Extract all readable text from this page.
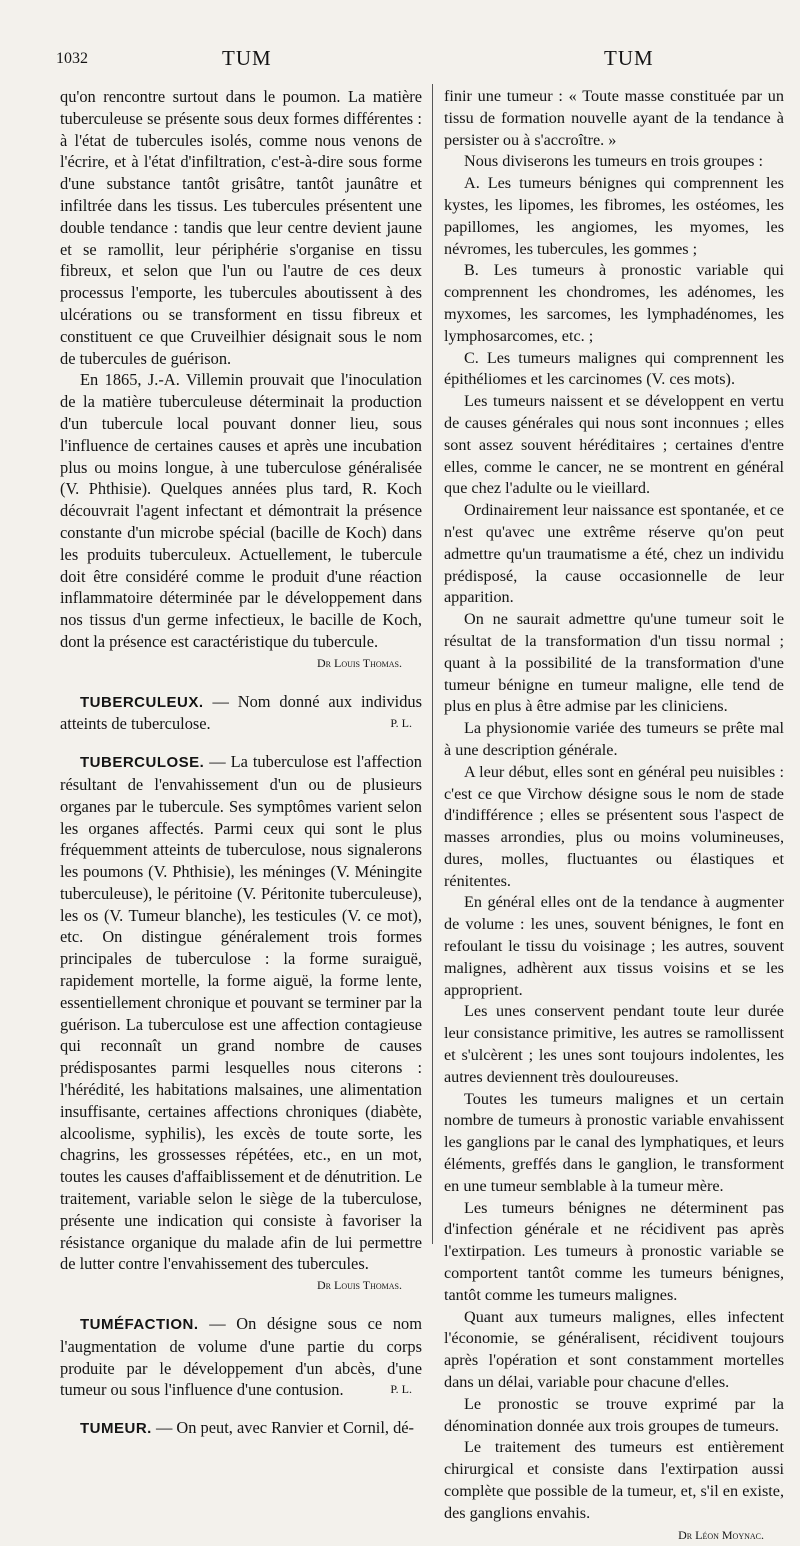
1032	TUM	TUM

qu'on rencontre surtout dans le poumon. La matière tuberculeuse se présente sous deux formes différentes : à l'état de tubercules isolés, comme nous venons de l'écrire, et à l'état d'infiltration, c'est-à-dire sous forme d'une substance tantôt grisâtre, tantôt jaunâtre et infiltrée dans les tissus. Les tubercules présentent une double tendance : tandis que leur centre devient jaune et se ramollit, leur périphérie s'organise en tissu fibreux, et selon que l'un ou l'autre de ces deux processus l'emporte, les tubercules aboutissent à des ulcérations ou se transforment en tissu fibreux et constituent ce que Cruveilhier désignait sous le nom de tubercules de guérison.

En 1865, J.-A. Villemin prouvait que l'inoculation de la matière tuberculeuse déterminait la production d'un tubercule local pouvant donner lieu, sous l'influence de certaines causes et après une incubation plus ou moins longue, à une tuberculose généralisée (V. Phthisie). Quelques années plus tard, R. Koch découvrait l'agent infectant et démontrait la présence constante d'un microbe spécial (bacille de Koch) dans les produits tuberculeux. Actuellement, le tubercule doit être considéré comme le produit d'une réaction inflammatoire déterminée par le développement dans nos tissus d'un germe infectieux, le bacille de Koch, dont la présence est caractéristique du tubercule.

Dr Louis Thomas.

TUBERCULEUX. — Nom donné aux individus atteints de tuberculose.	P. L.

TUBERCULOSE. — La tuberculose est l'affection résultant de l'envahissement d'un ou de plusieurs organes par le tubercule. Ses symptômes varient selon les organes affectés. Parmi ceux qui sont le plus fréquemment atteints de tuberculose, nous signalerons les poumons (V. Phthisie), les méninges (V. Méningite tuberculeuse), le péritoine (V. Péritonite tuberculeuse), les os (V. Tumeur blanche), les testicules (V. ce mot), etc. On distingue généralement trois formes principales de tuberculose : la forme suraiguë, rapidement mortelle, la forme aiguë, la forme lente, essentiellement chronique et pouvant se terminer par la guérison. La tuberculose est une affection contagieuse qui reconnaît un grand nombre de causes prédisposantes parmi lesquelles nous citerons : l'hérédité, les habitations malsaines, une alimentation insuffisante, certaines affections chroniques (diabète, alcoolisme, syphilis), les excès de toute sorte, les chagrins, les grossesses répétées, etc., en un mot, toutes les causes d'affaiblissement et de dénutrition. Le traitement, variable selon le siège de la tuberculose, présente une indication qui consiste à favoriser la résistance organique du malade afin de lui permettre de lutter contre l'envahissement des tubercules.

Dr Louis Thomas.

TUMÉFACTION. — On désigne sous ce nom l'augmentation de volume d'une partie du corps produite par le développement d'un abcès, d'une tumeur ou sous l'influence d'une contusion.	P. L.

TUMEUR. — On peut, avec Ranvier et Cornil, dé-

finir une tumeur : « Toute masse constituée par un tissu de formation nouvelle ayant de la tendance à persister ou à s'accroître. »

Nous diviserons les tumeurs en trois groupes :

A. Les tumeurs bénignes qui comprennent les kystes, les lipomes, les fibromes, les ostéomes, les papillomes, les angiomes, les myomes, les névromes, les tubercules, les gommes ;

B. Les tumeurs à pronostic variable qui comprennent les chondromes, les adénomes, les myxomes, les sarcomes, les lymphadénomes, les lymphosarcomes, etc. ;

C. Les tumeurs malignes qui comprennent les épithéliomes et les carcinomes (V. ces mots).

Les tumeurs naissent et se développent en vertu de causes générales qui nous sont inconnues ; elles sont assez souvent héréditaires ; certaines d'entre elles, comme le cancer, ne se montrent en général que chez l'adulte ou le vieillard.

Ordinairement leur naissance est spontanée, et ce n'est qu'avec une extrême réserve qu'on peut admettre qu'un traumatisme a été, chez un individu prédisposé, la cause occasionnelle de leur apparition.

On ne saurait admettre qu'une tumeur soit le résultat de la transformation d'un tissu normal ; quant à la possibilité de la transformation d'une tumeur bénigne en tumeur maligne, elle tend de plus en plus à être admise par les cliniciens.

La physionomie variée des tumeurs se prête mal à une description générale.

A leur début, elles sont en général peu nuisibles : c'est ce que Virchow désigne sous le nom de stade d'indifférence ; elles se présentent sous l'aspect de masses arrondies, plus ou moins volumineuses, dures, molles, fluctuantes ou élastiques et rénitentes.

En général elles ont de la tendance à augmenter de volume : les unes, souvent bénignes, le font en refoulant le tissu du voisinage ; les autres, souvent malignes, adhèrent aux tissus voisins et se les approprient.

Les unes conservent pendant toute leur durée leur consistance primitive, les autres se ramollissent et s'ulcèrent ; les unes sont toujours indolentes, les autres deviennent très douloureuses.

Toutes les tumeurs malignes et un certain nombre de tumeurs à pronostic variable envahissent les ganglions par le canal des lymphatiques, et leurs éléments, greffés dans le ganglion, le transforment en une tumeur semblable à la tumeur mère.

Les tumeurs bénignes ne déterminent pas d'infection générale et ne récidivent pas après l'extirpation. Les tumeurs à pronostic variable se comportent tantôt comme les tumeurs bénignes, tantôt comme les tumeurs malignes.

Quant aux tumeurs malignes, elles infectent l'économie, se généralisent, récidivent toujours après l'opération et sont constamment mortelles dans un délai, variable pour chacune d'elles.

Le pronostic se trouve exprimé par la dénomination donnée aux trois groupes de tumeurs.

Le traitement des tumeurs est entièrement chirurgical et consiste dans l'extirpation aussi complète que possible de la tumeur, et, s'il en existe, des ganglions envahis.

Dr Léon Moynac.
